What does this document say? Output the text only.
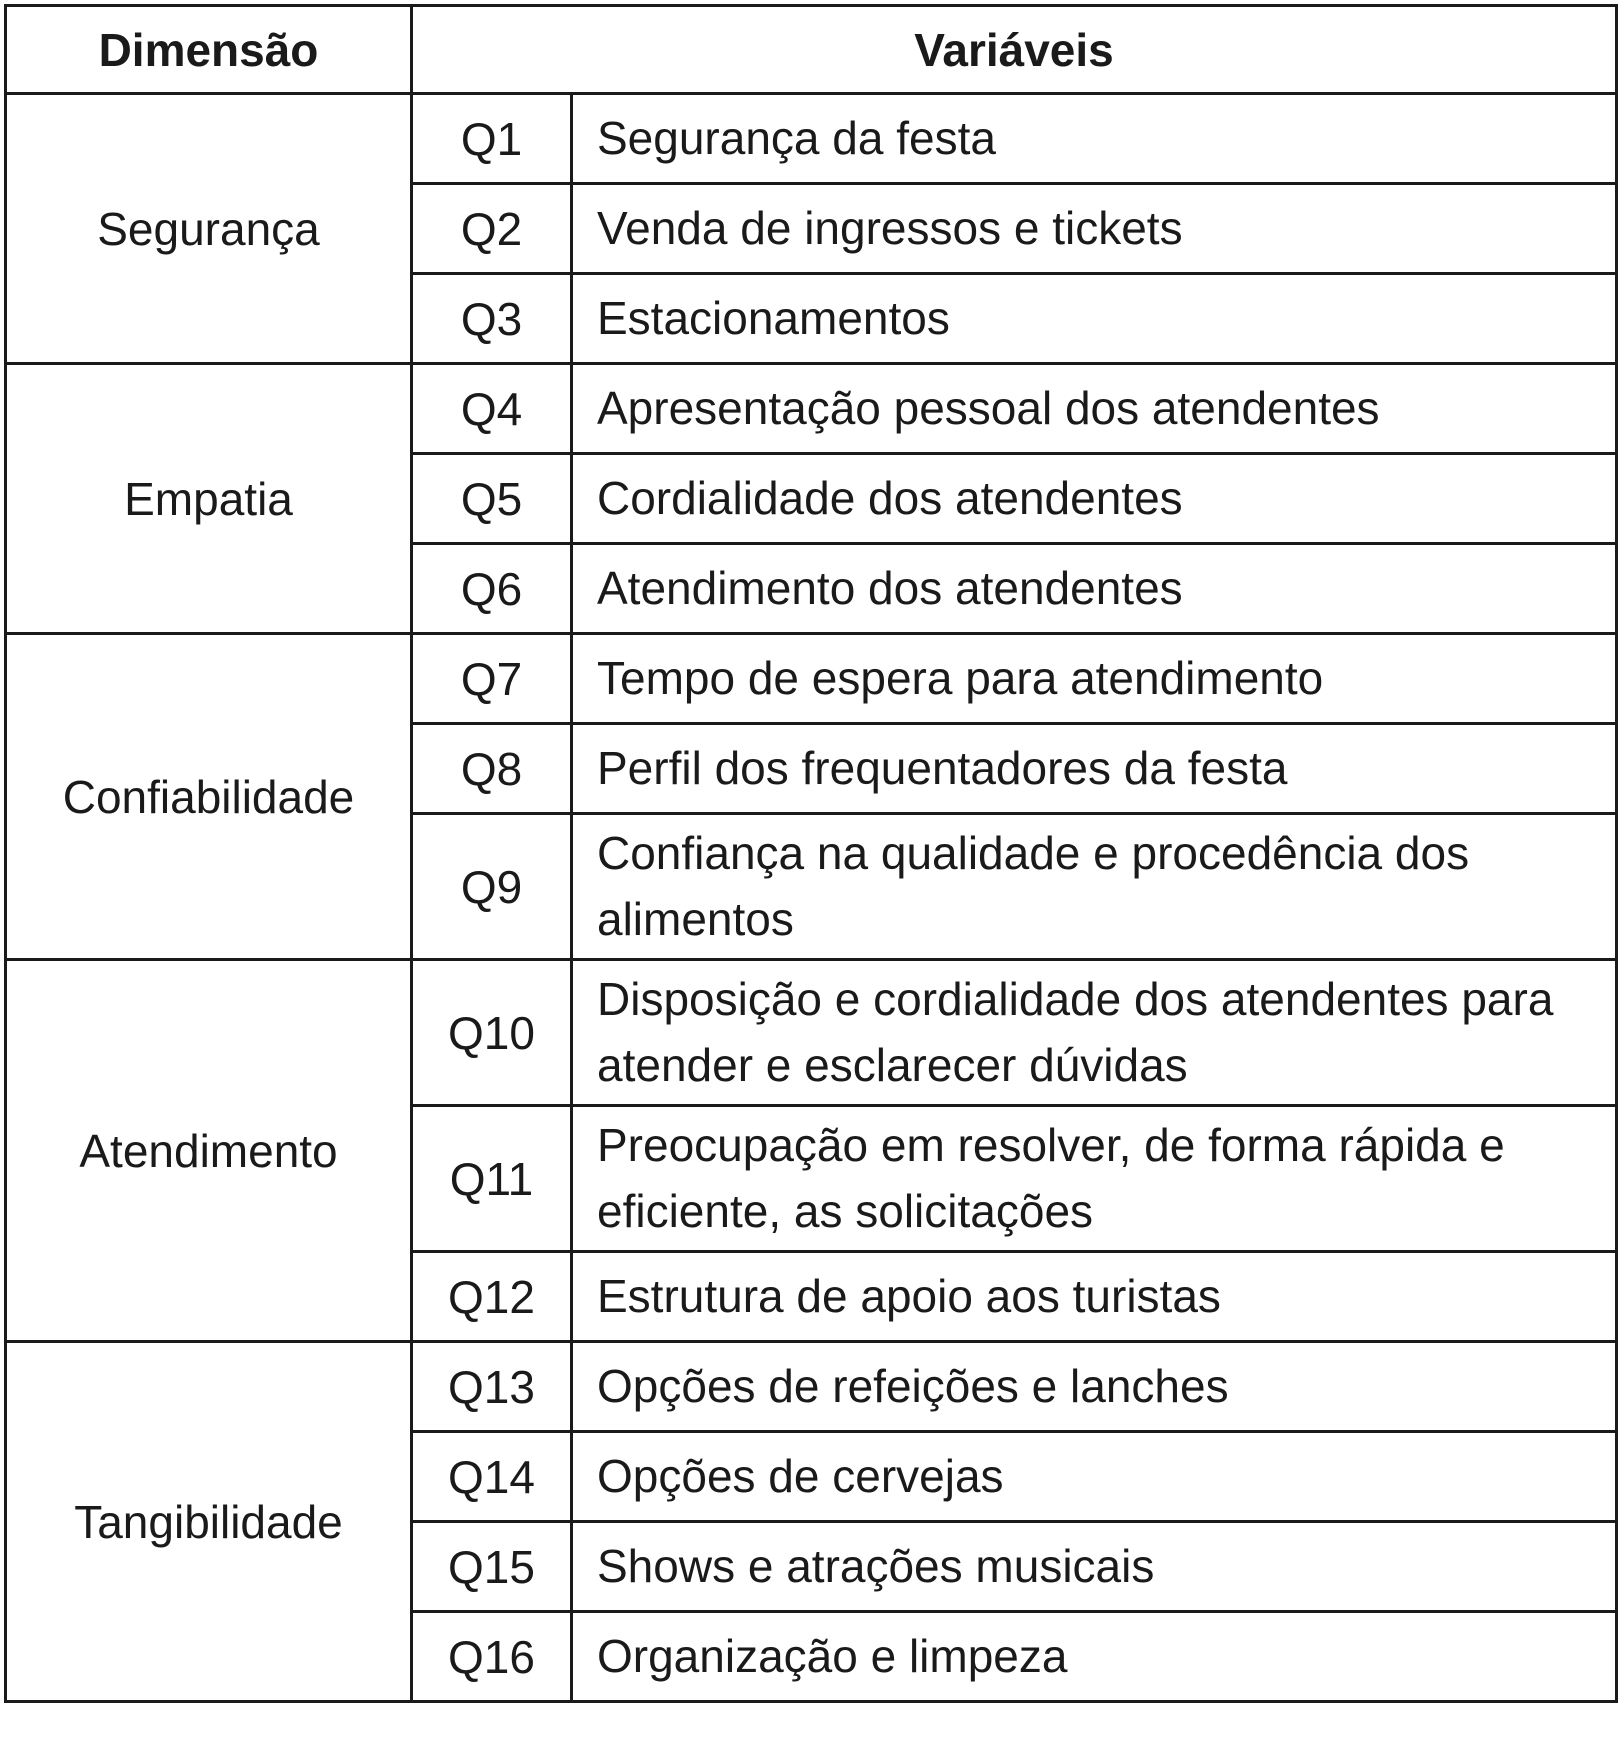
Dimensão	Variáveis	
Segurança	Q1	Segurança da festa
	Q2	Venda de ingressos e tickets
	Q3	Estacionamentos
Empatia	Q4	Apresentação pessoal dos atendentes
	Q5	Cordialidade dos atendentes
	Q6	Atendimento dos atendentes
Confiabilidade	Q7	Tempo de espera para atendimento
	Q8	Perfil dos frequentadores da festa
	Q9	Confiança na qualidade e procedência dos alimentos
Atendimento	Q10	Disposição e cordialidade dos atendentes para atender e esclarecer dúvidas
	Q11	Preocupação em resolver, de forma rápida e eficiente, as solicitações
	Q12	Estrutura de apoio aos turistas
Tangibilidade	Q13	Opções de refeições e lanches
	Q14	Opções de cervejas
	Q15	Shows e atrações musicais
	Q16	Organização e limpeza
